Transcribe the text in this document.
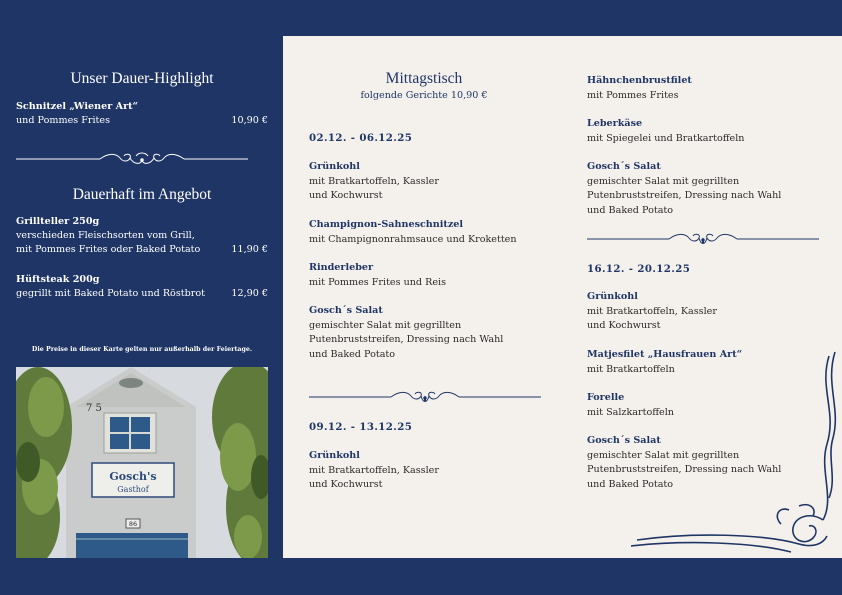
Unser Dauer-Highlight
Schnitzel „Wiener Art“
und Pommes Frites	10,90 €
Dauerhaft im Angebot
Grillteller 250g
verschieden Fleischsorten vom Grill,
mit Pommes Frites oder Baked Potato	11,90 €
Hüftsteak 200g
gegrillt mit Baked Potato und Röstbrot	12,90 €
Die Preise in dieser Karte gelten nur außerhalb der Feiertage.
7 5
Gosch's
Gasthof
86
Mittagstisch
folgende Gerichte 10,90 €
02.12. - 06.12.25
Grünkohl
mit Bratkartoffeln, Kassler
und Kochwurst
Champignon-Sahneschnitzel
mit Champignonrahmsauce und Kroketten
Rinderleber
mit Pommes Frites und Reis
Gosch´s Salat
gemischter Salat mit gegrillten
Putenbruststreifen, Dressing nach Wahl
und Baked Potato
09.12. - 13.12.25
Grünkohl
mit Bratkartoffeln, Kassler
und Kochwurst
Hähnchenbrustfilet
mit Pommes Frites
Leberkäse
mit Spiegelei und Bratkartoffeln
Gosch´s Salat
gemischter Salat mit gegrillten
Putenbruststreifen, Dressing nach Wahl
und Baked Potato
16.12. - 20.12.25
Grünkohl
mit Bratkartoffeln, Kassler
und Kochwurst
Matjesfilet „Hausfrauen Art“
mit Bratkartoffeln
Forelle
mit Salzkartoffeln
Gosch´s Salat
gemischter Salat mit gegrillten
Putenbruststreifen, Dressing nach Wahl
und Baked Potato
